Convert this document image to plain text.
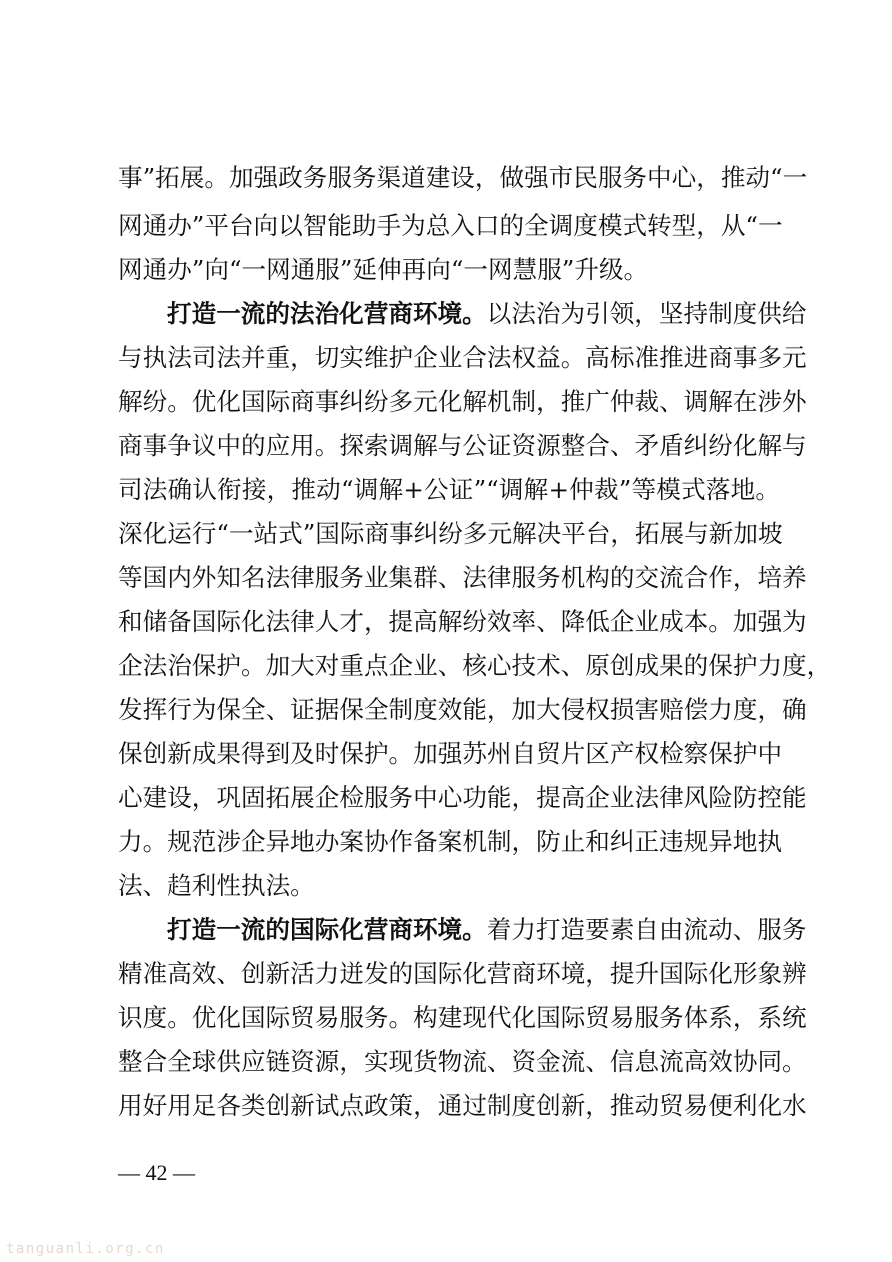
事”拓展。加强政务服务渠道建设，做强市民服务中心，推动“一
网通办”平台向以智能助手为总入口的全调度模式转型，从“一
网通办”向“一网通服”延伸再向“一网慧服”升级。
打造一流的法治化营商环境。以法治为引领，坚持制度供给
与执法司法并重，切实维护企业合法权益。高标准推进商事多元
解纷。优化国际商事纠纷多元化解机制，推广仲裁、调解在涉外
商事争议中的应用。探索调解与公证资源整合、矛盾纠纷化解与
司法确认衔接，推动“调解+公证”“调解+仲裁”等模式落地。
深化运行“一站式”国际商事纠纷多元解决平台，拓展与新加坡
等国内外知名法律服务业集群、法律服务机构的交流合作，培养
和储备国际化法律人才，提高解纷效率、降低企业成本。加强为
企法治保护。加大对重点企业、核心技术、原创成果的保护力度，
发挥行为保全、证据保全制度效能，加大侵权损害赔偿力度，确
保创新成果得到及时保护。加强苏州自贸片区产权检察保护中
心建设，巩固拓展企检服务中心功能，提高企业法律风险防控能
力。规范涉企异地办案协作备案机制，防止和纠正违规异地执
法、趋利性执法。
打造一流的国际化营商环境。着力打造要素自由流动、服务
精准高效、创新活力迸发的国际化营商环境，提升国际化形象辨
识度。优化国际贸易服务。构建现代化国际贸易服务体系，系统
整合全球供应链资源，实现货物流、资金流、信息流高效协同。
用好用足各类创新试点政策，通过制度创新，推动贸易便利化水
— 42 —
tanguanli.org.cn
